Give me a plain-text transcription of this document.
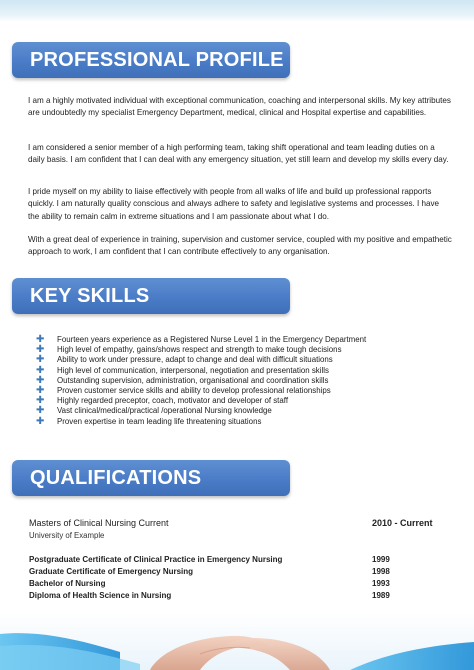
PROFESSIONAL PROFILE

I am a highly motivated individual with exceptional communication, coaching and interpersonal skills. My key attributes are undoubtedly my specialist Emergency Department, medical, clinical and Hospital expertise and capabilities.

I am considered a senior member of a high performing team, taking shift operational and team leading duties on a daily basis. I am confident that I can deal with any emergency situation, yet still learn and develop my skills every day.

I pride myself on my ability to liaise effectively with people from all walks of life and build up professional rapports quickly. I am naturally quality conscious and always adhere to safety and legislative systems and processes. I have the ability to remain calm in extreme situations and I am passionate about what I do.

With a great deal of experience in training, supervision and customer service, coupled with my positive and empathetic approach to work, I am confident that I can contribute effectively to any organisation.

KEY SKILLS
✚ Fourteen years experience as a Registered Nurse Level 1 in the Emergency Department
✚ High level of empathy, gains/shows respect and strength to make tough decisions
✚ Ability to work under pressure, adapt to change and deal with difficult situations
✚ High level of communication, interpersonal, negotiation and presentation skills
✚ Outstanding supervision, administration, organisational and coordination skills
✚ Proven customer service skills and ability to develop professional relationships
✚ Highly regarded preceptor, coach, motivator and developer of staff
✚ Vast clinical/medical/practical /operational Nursing knowledge
✚ Proven expertise in team leading life threatening situations
QUALIFICATIONS
Masters of Clinical Nursing Current	2010 - Current
University of Example
Postgraduate Certificate of Clinical Practice in Emergency Nursing	1999
Graduate Certificate of Emergency Nursing	1998
Bachelor of Nursing	1993
Diploma of Health Science in Nursing	1989
